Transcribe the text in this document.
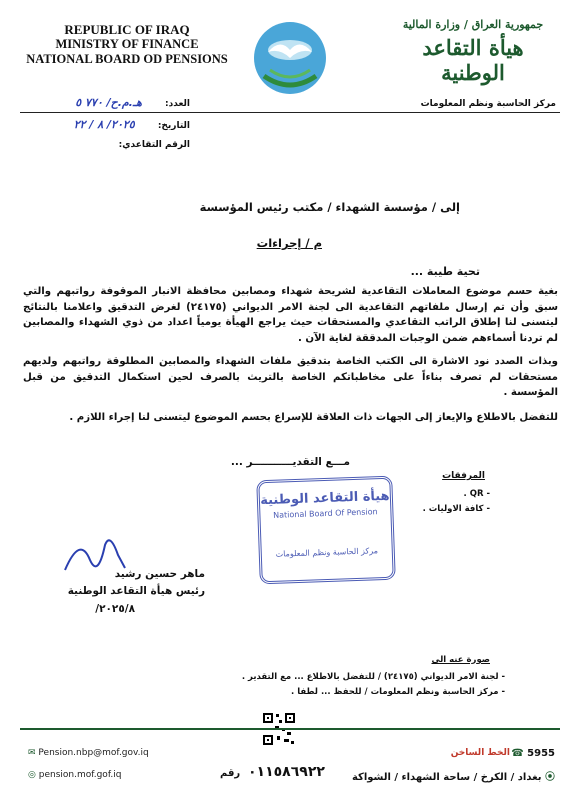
REPUBLIC OF IRAQ
MINISTRY OF FINANCE
NATIONAL BOARD OD PENSIONS
جمهورية العراق / وزارة المالية
هيأة التقاعد الوطنية
مركز الحاسبة ونظم المعلومات
العدد: هـ.م.ح/ ٧٧٠ ٥
التاريخ: ٢٠٢٥/ ٨ / ٢٢
الرقم التقاعدي:
إلى / مؤسسة الشهداء / مكتب رئيس المؤسسة
م / إجراءات
تحية طيبة ...
بغية حسم موضوع المعاملات التقاعدية لشريحة شهداء ومصابين محافظة الانبار الموقوفة رواتبهم والتي سبق وأن تم إرسال ملفاتهم التقاعدية الى لجنة الامر الديواني (٢٤١٧٥) لغرض التدقيق واعلامنا بالنتائج ليتسنى لنا إطلاق الراتب التقاعدي والمستحقات حيث يراجع الهيأة يومياً اعداد من ذوي الشهداء والمصابين لم تردنا أسماءهم ضمن الوجبات المدققة لغاية الآن .
وبذات الصدد نود الاشارة الى الكتب الخاصة بتدقيق ملفات الشهداء والمصابين المطلوقة رواتبهم ولديهم مستحقات لم تصرف بناءاً على مخاطباتكم الخاصة بالتريث بالصرف لحين استكمال التدقيق من قبل المؤسسة .
للتفضل بالاطلاع والإيعاز إلى الجهات ذات العلاقة للإسراع بحسم الموضوع ليتسنى لنا إجراء اللازم .
مـــع التقديـــــــــــر ...
المرفقات
- QR .
- كافة الاوليات .
هيأة التقاعد الوطنية
National Board Of Pension
مركز الحاسبة ونظم المعلومات
ماهر حسين رشيد
رئيس هيأة التقاعد الوطنية
٢٠٢٥/٨/
صورة عنه الى
- لجنة الامر الديواني (٢٤١٧٥) / للتفضل بالاطلاع ... مع التقدير .
- مركز الحاسبة ونظم المعلومات / للحفظ ... لطفا .
✉ Pension.nbp@mof.gov.iq
◎ pension.mof.gof.iq
الخط الساخن ☎ 5955
⦿ بغداد / الكرخ / ساحة الشهداء / الشواكة
٠١١٥٨٦٩٢٢
رقم
